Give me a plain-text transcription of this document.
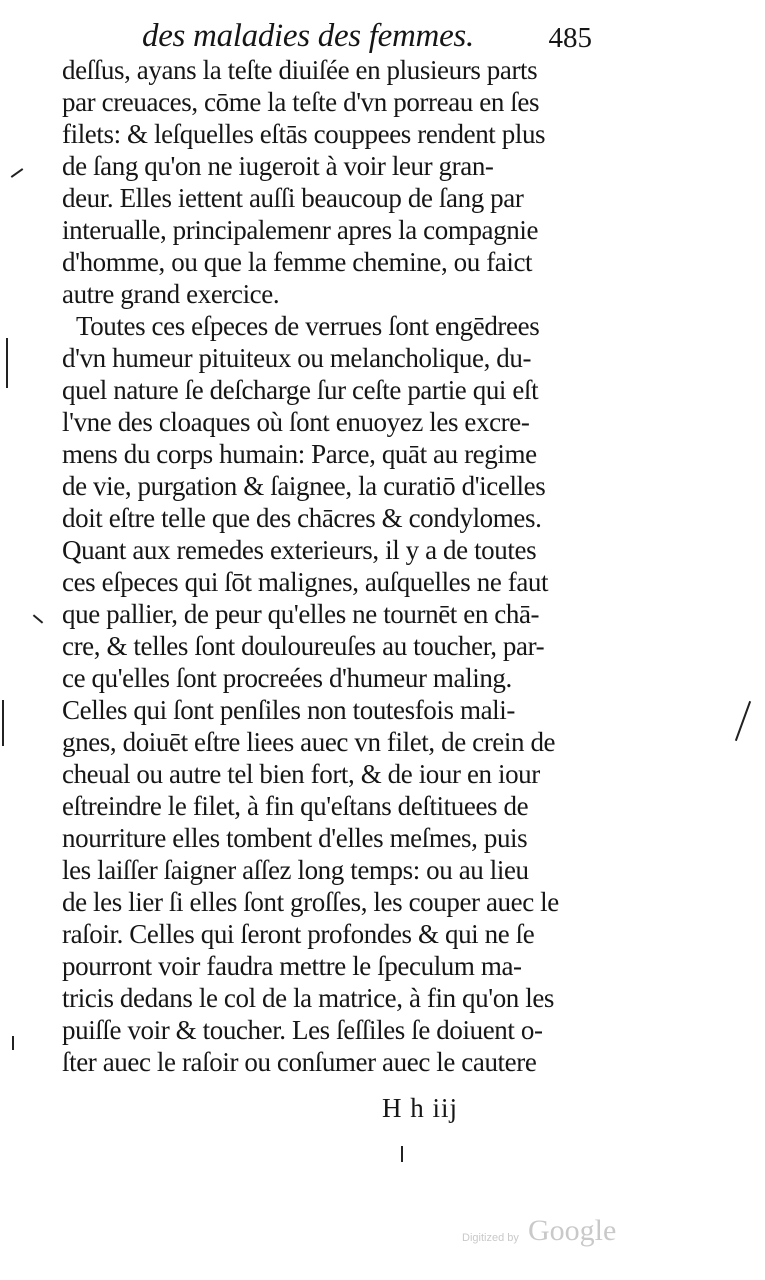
des maladies des femmes.	485
deſſus, ayans la teſte diuiſée en plusieurs parts
par creuaces, cōme la teſte d'vn porreau en ſes
filets: & leſquelles eſtās couppees rendent plus
de ſang qu'on ne iugeroit à voir leur gran-
deur. Elles iettent auſſi beaucoup de ſang par
interualle, principalemenr apres la compagnie
d'homme, ou que la femme chemine, ou faict
autre grand exercice.
Toutes ces eſpeces de verrues ſont engēdrees
d'vn humeur pituiteux ou melancholique, du-
quel nature ſe deſcharge ſur ceſte partie qui eſt
l'vne des cloaques où ſont enuoyez les excre-
mens du corps humain: Parce, quāt au regime
de vie, purgation & ſaignee, la curatiō d'icelles
doit eſtre telle que des chācres & condylomes.
Quant aux remedes exterieurs, il y a de toutes
ces eſpeces qui ſōt malignes, auſquelles ne faut
que pallier, de peur qu'elles ne tournēt en chā-
cre, & telles ſont douloureuſes au toucher, par-
ce qu'elles ſont procreées d'humeur maling.
Celles qui ſont penſiles non toutesfois mali-
gnes, doiuēt eſtre liees auec vn filet, de crein de
cheual ou autre tel bien fort, & de iour en iour
eſtreindre le filet, à fin qu'eſtans deſtituees de
nourriture elles tombent d'elles meſmes, puis
les laiſſer ſaigner aſſez long temps: ou au lieu
de les lier ſi elles ſont groſſes, les couper auec le
raſoir. Celles qui ſeront profondes & qui ne ſe
pourront voir faudra mettre le ſpeculum ma-
tricis dedans le col de la matrice, à fin qu'on les
puiſſe voir & toucher. Les ſeſſiles ſe doiuent o-
ſter auec le raſoir ou conſumer auec le cautere
H h iij
Digitized by Google
